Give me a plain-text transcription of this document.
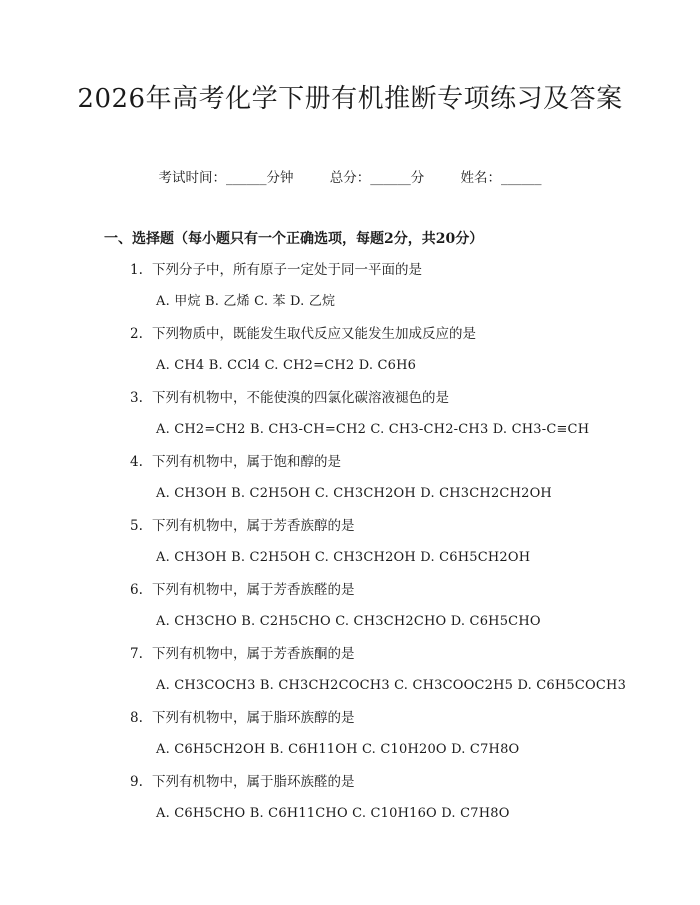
2026年高考化学下册有机推断专项练习及答案
考试时间：______分钟	总分：______分	姓名：______
一、选择题（每小题只有一个正确选项，每题2分，共20分）
1. 下列分子中，所有原子一定处于同一平面的是
A. 甲烷 B. 乙烯 C. 苯 D. 乙烷
2. 下列物质中，既能发生取代反应又能发生加成反应的是
A. CH4 B. CCl4 C. CH2=CH2 D. C6H6
3. 下列有机物中，不能使溴的四氯化碳溶液褪色的是
A. CH2=CH2 B. CH3-CH=CH2 C. CH3-CH2-CH3 D. CH3-C≡CH
4. 下列有机物中，属于饱和醇的是
A. CH3OH B. C2H5OH C. CH3CH2OH D. CH3CH2CH2OH
5. 下列有机物中，属于芳香族醇的是
A. CH3OH B. C2H5OH C. CH3CH2OH D. C6H5CH2OH
6. 下列有机物中，属于芳香族醛的是
A. CH3CHO B. C2H5CHO C. CH3CH2CHO D. C6H5CHO
7. 下列有机物中，属于芳香族酮的是
A. CH3COCH3 B. CH3CH2COCH3 C. CH3COOC2H5 D. C6H5COCH3
8. 下列有机物中，属于脂环族醇的是
A. C6H5CH2OH B. C6H11OH C. C10H20O D. C7H8O
9. 下列有机物中，属于脂环族醛的是
A. C6H5CHO B. C6H11CHO C. C10H16O D. C7H8O
